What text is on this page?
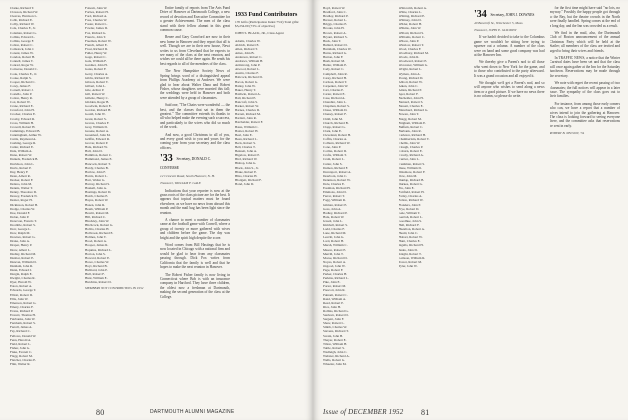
Clarke, Richard T.
Clawson, Richard W.
Cleaves, Harrison L.
Cobb, Richard E.
Colby, Richard W.
Cole, Charles F., Jr.
Coleman, Robert G.
Collins, Edward L.
Collins, George F.
Colton, Robert C.
Comstock, John J.
Conant, James W.
Condon, Robert H.
Connell, James T.
Conrad, Roger W.
Converse, Donald C.
Cook, Charles E., Jr.
Cooke, Ralph S.
Cooper, Richard C.
Corey, James F.
Cornell, Robert J.
Costello, John P.
Cotton, Henry R.
Cox, Robert W.
Crane, Richard E.
Crawford, John H.
Crocker, Charles E.
Crosby, Edward R.
Cross, William H.
Crowell, Robert H.
Cummings, Edward B.
Cunningham, Arthur W.
Curtis, Raymond A.
Cushing, George R.
Cutler, Richard E.
Dale, William A.
Dana, Robert W.
Daniels, Frederick B.
Davidson, John L.
Davis, Robert P.
Day, Henry F.
Dean, Albert R.
Decker, Robert F.
Delano, John M.
Dennis, Walter T.
Denny, Theodore D.
Dewey, Frederick N.
Dexter, Roger H.
Dickinson, Robert B.
Dodge, Charles W.
Doe, Donald F.
Dolan, John P.
Donovan, Francis T.
Doolittle, Robert S.
Dorr, George L.
Dow, Ralph M.
Downes, Robert G.
Drake, John A.
Draper, Henry P.
Drew, Albert L.
Dudley, Richard M.
Dunbar, Robert E.
Duncan, William D.
Dunham, John R.
Dunn, Edward J.
Durgin, Ralph E.
Dwight, Charles R.
Dyer, Harold W.
Eaton, Robert A.
Edwards, George T.
Elliott, Robert D.
Ellis, John W.
Emerson, Robert G.
Emery, Charles F.
Evans, Richard P.
Everett, Thomas H.
Fairbanks, John W.
Farnham, Robert S.
Farrell, James A.
Fay, Richard C.
Fellows, Donald W.
Fenn, Harold A.
Field, Robert L.
Fisher, John G.
Fiske, Everett C.
Flagg, Robert M.
Fletcher, Charles E.
Flint, Walter R.
Folsom, John W.
Forbes, Robert H.
Ford, Richard A.
Foss, Charles W.
Foster, Robert L.
Fowler, James D.
Fox, Richard G.
Francis, John T.
Freeman, Robert W.
French, Albert E.
Frost, Richard D.
Fuller, Henry W.
Gage, Robert C.
Gale, William F.
Gardner, John H.
Gates, Robert F.
Gerry, Charles A.
Gibbs, Richard W.
Gibson, Robert T.
Gilbert, John L.
Gile, Arthur P.
Gill, Robert W.
Gillette, Henry C.
Glidden, Roger B.
Goodwin, Robert E.
Gordon, Richard H.
Gould, John W.
Grant, Robert S.
Graves, Charles F.
Gray, William D.
Greene, Robert A.
Greenleaf, John M.
Griffin, Edward R.
Grover, Robert P.
Hale, Richard W.
Hall, John D.
Hamilton, Robert C.
Hammond, James E.
Hancock, Robert T.
Hardy, Charles B.
Harlow, John F.
Harris, Robert L.
Hart, Walter G.
Harvey, Richard S.
Haskell, John A.
Hastings, Robert D.
Hatch, Charles E.
Hayes, Robert W.
Hazen, John R.
Heath, William P.
Hewitt, Robert M.
Hill, Richard C.
Hinckley, John W.
Hitchcock, Robert G.
Hobbs, Charles H.
Holbrook, Richard E.
Holmes, John T.
Hood, Robert A.
Hooper, James R.
Hopkins, Richard L.
Horton, John S.
Howard, Robert E.
Howe, Charles W.
Hoyt, Richard B.
Hubbard, John P.
Hull, Robert F.
Hunt, William E.
Hutchins, Robert D.
MEMBERS NOT CONTRIBUTING IN 1952

Entire family of reports from The Arts Fund Drive of Hanover at Dartmouth College, a new record of devotion and Executive Committee for a greater Achievement. The men of the class stand with their fellow alumni in this great common cause.

Renee and Gary Crawford are now in their new home in Hanover and they report that all is well. Though we are in their new house, Newt writes to us from Cleveland that he expects to see many of the class at the next reunion, and wishes we could all be there again. He sends his best regards to all of the members of the class.

The New Hampshire Society News of Spring brings word of a distinguished appeal from Phillips Academy at Andover. We were glad to hear about Walter Dana and Robert Fisher, whose daughters were married this fall; the weddings were held in Hanover and both were attended by a group of classmates.

Said one, "The Chairs were wonderful — the best, and the classes that sat in them the greatest." The committee extends its thanks to all who helped make the evening such a success, and particularly to the wives who did so much of the work.

And now, a good Christmas to all of you, and every good wish to you and yours for the coming year from your secretary and the class officers.

'33 Secretary, DONALD C. CONVERSE
12 Crescent Road, South Hanover, N. H.
Treasurer, WILLIAM F. GALE

Indications that your reporter is now at the grass roots of the class picture are for the best. It appears that topical matters must be found elsewhere, as we have no news from abroad this month and the mail bag has been light since the reunion.

A chance to meet a number of classmates came at the football game with Cornell, where a group of twenty or more gathered with wives and children before the game. The day was bright and the spirit high despite the score.

Word comes from Bill Hastings that he is now located in Chicago with a national firm and would be glad to hear from any classmates passing through. Dick Fox writes from California that the family is well and that he hopes to make the next reunion in Hanover.

The Robert Fisher family is now living in Connecticut where Bob is with an insurance company in Hartford. They have three children, the oldest now a freshman at Dartmouth, making the second generation of the class at the College.

1933 Fund Contributors
170 Gifts (Participation Index 75.9) Total gifts: $5,234.00 (73% of objective)
JOHN S. BLACK, JR., Class Agent
Adams, Charles W.
Aldrich, Robert E.
Allen, Richard T.
Ames, John B.
Anderson, Robert C.
Andrews, William H.
Armstrong, John P.
Atwood, Robert L.
Austin, Charles F.
Babcock, Richard D.
Bacon, Robert G.
Bailey, John W.
Baker, Henry T.
Baldwin, Robert A.
Ball, Richard E.
Bancroft, John S.
Barker, Robert W.
Barnes, Charles D.
Barrett, Richard M.
Bartlett, John R.
Batchelder, Robert F.
Bates, William C.
Baxter, Robert H.
Beal, John E.
Bean, Richard L.
Beck, Robert S.
Bell, Charles T.
Bennett, John A.
Bigelow, Robert P.
Bird, Richard W.
Bishop, John G.
Black, John S., Jr.
Blake, Robert E.
Bliss, Charles H.
Blodgett, Richard F.
Bond, John D.
80	DARTMOUTH ALUMNI MAGAZINE
Boyd, Robert W.
Bradford, John C.
Bradley, Richard P.
Brewer, Robert L.
Briggs, Charles E.
Brooks, John H.
Brown, Robert A.
Bryant, Richard S.
Buck, John T.
Bullard, Robert D.
Burnham, Charles W.
Burns, Richard G.
Burton, John F.
Bush, Robert M.
Butler, William E.
Cady, Robert C.
Campbell, John R.
Carey, Richard H.
Carlson, Robert T.
Carpenter, John W.
Carr, Charles P.
Carter, Robert E.
Case, Richard A.
Chandler, John L.
Chapman, Robert S.
Chase, William D.
Cheney, Robert F.
Child, John M.
Church, Richard B.
Clapp, Robert G.
Clark, John E.
Cleveland, Robert H.
Coffin, Charles A.
Colburn, Richard W.
Cone, John P.
Corliss, Robert D.
Crafts, William T.
Cram, Robert L.
Cutter, John S.
Damon, Richard F.
Davenport, Robert A.
Dearborn, John C.
Dennison, Robert W.
Dole, Charles E.
Eastman, Richard H.
Emmons, John D.
Farrar, Robert T.
Fogg, William R.
Gilman, Robert E.
Goss, John A.
Hadley, Richard P.
Hale, Robert W.
Jewett, John L.
Kimball, Robert S.
Ladd, Charles F.
Lane, Richard M.
Leavitt, John G.
Lord, Robert H.
Marsh, William C.
Mason, Robert E.
Merrill, John T.
Morse, Richard D.
Noyes, Robert A.
Osgood, John W.
Page, Robert F.
Parker, Charles H.
Perkins, Richard L.
Pike, John E.
Porter, Robert M.
Prescott, John R.
Putnam, Robert C.
Rand, William A.
Read, Robert P.
Rice, John H.
Rollins, Richard G.
Sanborn, Robert D.
Sargent, John F.
Shaw, Robert L.
Smith, Charles W.
Stevens, Richard T.
Swain, John B.
Thayer, Robert E.
Tilton, William H.
Tuttle, Robert S.
Wadleigh, John C.
Webster, Richard A.
Wells, Robert G.
Wheeler, John M.
Whitcomb, Robert A.
White, Charles L.
Whiting, Richard E.
Whitney, John D.
Wilder, Robert H.
Wilkins, John W.
Willard, Richard S.
Williams, Robert C.
Wilson, John P.
Winslow, Robert T.
Wood, Charles F.
Woodbury, Richard M.
Woods, John R.
Woodward, Robert E.
Worcester, William G.
Wright, Robert L.
Wyman, John A.
Young, Richard D.
Abbott, Robert W.
Aiken, John C.
Alden, Richard P.
Ayer, Robert F.
Bachelder, John H.
Barnard, Robert S.
Bassett, Charles E.
Blanchard, Richard G.
Bowen, John T.
Bragg, Robert M.
Brigham, William E.
Buffum, Robert C.
Burbank, John R.
Carleton, Richard H.
Chamberlain, Robert T.
Chellis, John W.
Clough, Charles P.
Coburn, Robert E.
Crosby, Richard A.
Currier, John L.
Cushman, Robert S.
Dane, William D.
Dinsmore, Robert F.
Dow, John M.
Dunlap, Richard B.
Durkee, Robert G.
Ela, John E.
Fairfield, Robert H.
Farley, Charles A.
Felton, Richard W.
Flanders, John P.
Frye, Robert D.
Gale, William T.
Gerrish, Robert L.
Goodhue, John S.
Hall, Richard F.
Hazelton, Robert A.
Heald, John C.
Hobart, Robert W.
Hunt, Charles E.
Ingalls, Richard H.
Jenks, John D.
Knight, Robert T.
Lamson, William R.
Tower, Robert M.
Tyler, John W.
'34 Secretary, JOHN J. DOWNES
40 Bancroft St., Winchester 5, Mass.
Treasurer, JOHN E. GLIDDEN

If we hadn't decided to take to the Columbus game we wouldn't be sitting here trying to squeeze out a column. A number of the class were on hand and some good company was had at the Hanover Inn.

We thereby give a Parent's nod to all those who went down to New York for the game, and to those who contributed to the party afterward. It was a grand occasion and all enjoyed it.

We thought we'd get a Parent's nod, and so will anyone who wishes to send along a news item or a good picture. If we have no news there is no column, so please do write.

for the first time might have said "no lots, no anyway." Possibly the happy people got through to the Bay, but the theatre crowds in the North were finally handled. Spring comes at the end of a long day, and the Inn was crowded as a result.

We find in the mail, also, the Dartmouth Club of Boston announcement of the annual Christmas Party which will be held at the Statler; all members of the class are invited and urged to bring their wives and friends.

In TRAFFIC NEWS, a notice that the Winter Carnival dates have been set and that the class will once again gather at the Inn for the Saturday luncheon. Reservations may be made through the secretary.

We note with regret the recent passing of two classmates; the full notices will appear in a later issue. The sympathy of the class goes out to their families.

For instance, from among those early comers who can, we have a report that a number of wives intend to join the gathering at Hanover. The class is looking forward to seeing everyone there, and the committee asks that reservations be sent in early.

ROBERT B. NELSON, '34
Issue of DECEMBER 1952 81
